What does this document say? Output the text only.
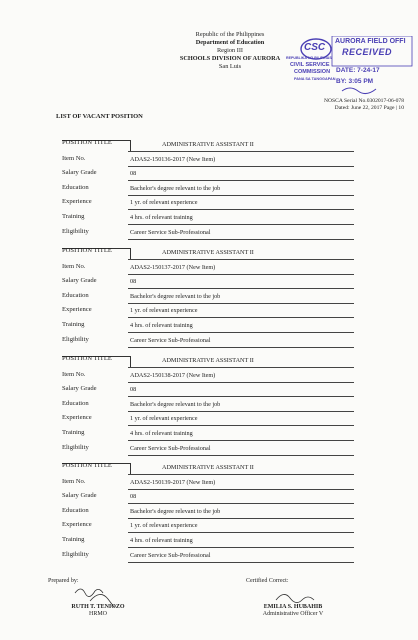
Republic of the Philippines
Department of Education
Region III
SCHOOLS DIVISION OF AURORA
San Luis
CSC
AURORA FIELD OFFI
RECEIVED
DATE: 7-24-17
BY: 3:05 PM
REPUBLIKA NG PILIPINAS
CIVIL SERVICE
COMMISSION
PANA SA TANGGAPAN
NOSCA Serial No.0302017-06-078
Dated: June 22, 2017 Page | 10
LIST OF VACANT POSITION
POSITION TITLE	ADMINISTRATIVE ASSISTANT II
Item No.	ADAS2-150136-2017 (New Item)
Salary Grade	08
Education	Bachelor's degree relevant to the job
Experience	1 yr. of relevant experience
Training	4 hrs. of relevant training
Eligibility	Career Service Sub-Professional
POSITION TITLE	ADMINISTRATIVE ASSISTANT II
Item No.	ADAS2-150137-2017 (New Item)
Salary Grade	08
Education	Bachelor's degree relevant to the job
Experience	1 yr. of relevant experience
Training	4 hrs. of relevant training
Eligibility	Career Service Sub-Professional
POSITION TITLE	ADMINISTRATIVE ASSISTANT II
Item No.	ADAS2-150138-2017 (New Item)
Salary Grade	08
Education	Bachelor's degree relevant to the job
Experience	1 yr. of relevant experience
Training	4 hrs. of relevant training
Eligibility	Career Service Sub-Professional
POSITION TITLE	ADMINISTRATIVE ASSISTANT II
Item No.	ADAS2-150139-2017 (New Item)
Salary Grade	08
Education	Bachelor's degree relevant to the job
Experience	1 yr. of relevant experience
Training	4 hrs. of relevant training
Eligibility	Career Service Sub-Professional
Prepared by:
RUTH T. TENIOZO
HRMO
Certified Correct:
EMILIA S. HUBAHIB
Administrative Officer V
